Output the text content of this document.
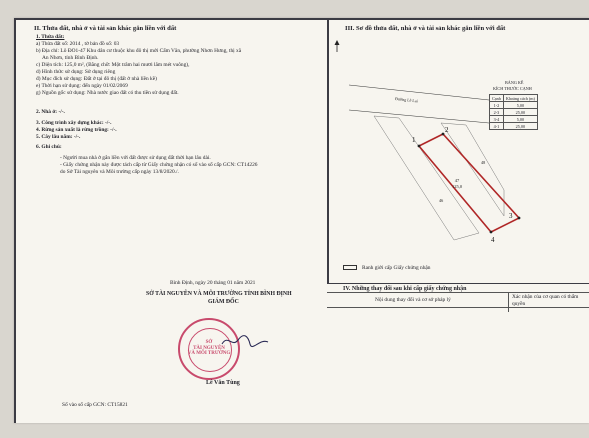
II. Thửa đất, nhà ở và tài sản khác gắn liền với đất
1. Thửa đất:
a) Thửa đất số: 2014 , tờ bản đồ số: 03
b) Địa chỉ: Lô ĐO1-47 Khu dân cư thuộc khu đô thị mới Cẩm Văn, phường Nhơn Hưng, thị xã
An Nhơn, tỉnh Bình Định.
c) Diện tích: 125,0 m², (Bằng chữ: Một trăm hai mươi lăm mét vuông),
d) Hình thức sử dụng: Sử dụng riêng
đ) Mục đích sử dụng: Đất ở tại đô thị (đất ở nhà liền kề)
e) Thời hạn sử dụng: đến ngày 01/02/2069
g) Nguồn gốc sử dụng: Nhà nước giao đất có thu tiền sử dụng đất.
2. Nhà ở: -/-.
3. Công trình xây dựng khác: -/-.
4. Rừng sản xuất là rừng trồng: -/-.
5. Cây lâu năm: -/-.
6. Ghi chú:
- Người mua nhà ở gắn liền với đất được sử dụng đất thời hạn lâu dài.
- Giấy chứng nhận này được tách cấp từ Giấy chứng nhận có số vào sổ cấp GCN: CT14226
do Sở Tài nguyên và Môi trường cấp ngày 13/8/2020./.
Bình Định, ngày 20 tháng 01 năm 2021
SỞ TÀI NGUYÊN VÀ MÔI TRƯỜNG TỈNH BÌNH ĐỊNH
GIÁM ĐỐC
SỞ
TÀI NGUYÊN
VÀ MÔI TRƯỜNG
Lê Văn Tùng
Số vào sổ cấp GCN: CT15821
III. Sơ đồ thửa đất, nhà ở và tài sản khác gắn liền với đất
Đường Lê Lai
47
125,0
46
48
1
2
3
4
BẢNG KÊ
KÍCH THƯỚC CẠNH
Cạnh	Khoảng cách (m)
1-2	5,00
2-3	25,00
3-4	5,00
4-1	25,00
Ranh giới cấp Giấy chứng nhận
IV. Những thay đổi sau khi cấp giấy chứng nhận
Nội dung thay đổi và cơ sở pháp lý	Xác nhận của cơ quan có thẩm quyền
